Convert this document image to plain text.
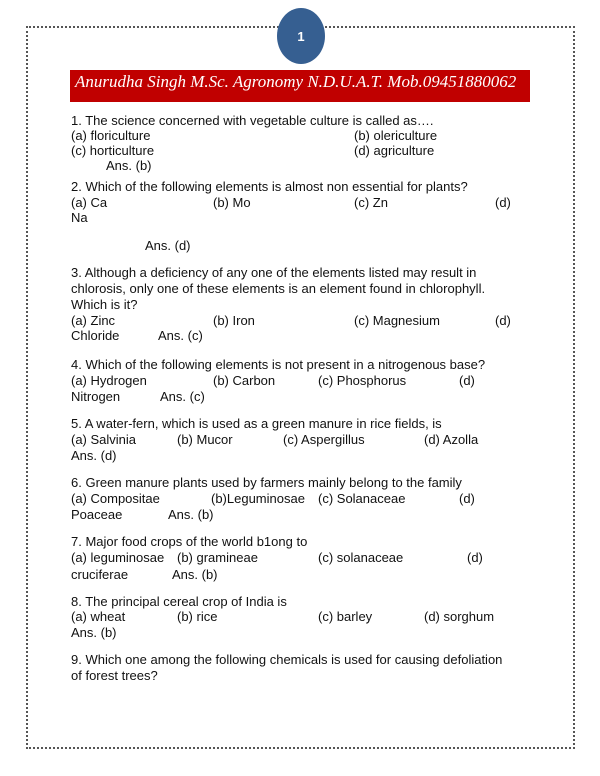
1
Anurudha Singh M.Sc. Agronomy N.D.U.A.T. Mob.09451880062
1. The science concerned with vegetable culture is called as….
(a) floriculture	(b) olericulture
(c) horticulture	(d) agriculture
Ans. (b)
2. Which of the following elements is almost non essential for plants?
(a) Ca	(b) Mo	(c) Zn	(d)
Na
Ans. (d)
3. Although a deficiency of any one of the elements listed may result in
chlorosis, only one of these elements is an element found in chlorophyll.
Which is it?
(a) Zinc	(b) Iron	(c) Magnesium	(d)
Chloride	Ans. (c)
4. Which of the following elements is not present in a nitrogenous base?
(a) Hydrogen	(b) Carbon	(c) Phosphorus	(d)
Nitrogen	Ans. (c)
5. A water-fern, which is used as a green manure in rice fields, is
(a) Salvinia	(b) Mucor	(c) Aspergillus	(d) Azolla
Ans. (d)
6. Green manure plants used by farmers mainly belong to the family
(a) Compositae	(b)Leguminosae (c) Solanaceae	(d)
Poaceae	Ans. (b)
7. Major food crops of the world b1ong to
(a) leguminosae (b) gramineae	(c) solanaceae	(d)
cruciferae	Ans. (b)
8. The principal cereal crop of India is
(a) wheat	(b) rice	(c) barley	(d) sorghum
Ans. (b)
9. Which one among the following chemicals is used for causing defoliation
of forest trees?
